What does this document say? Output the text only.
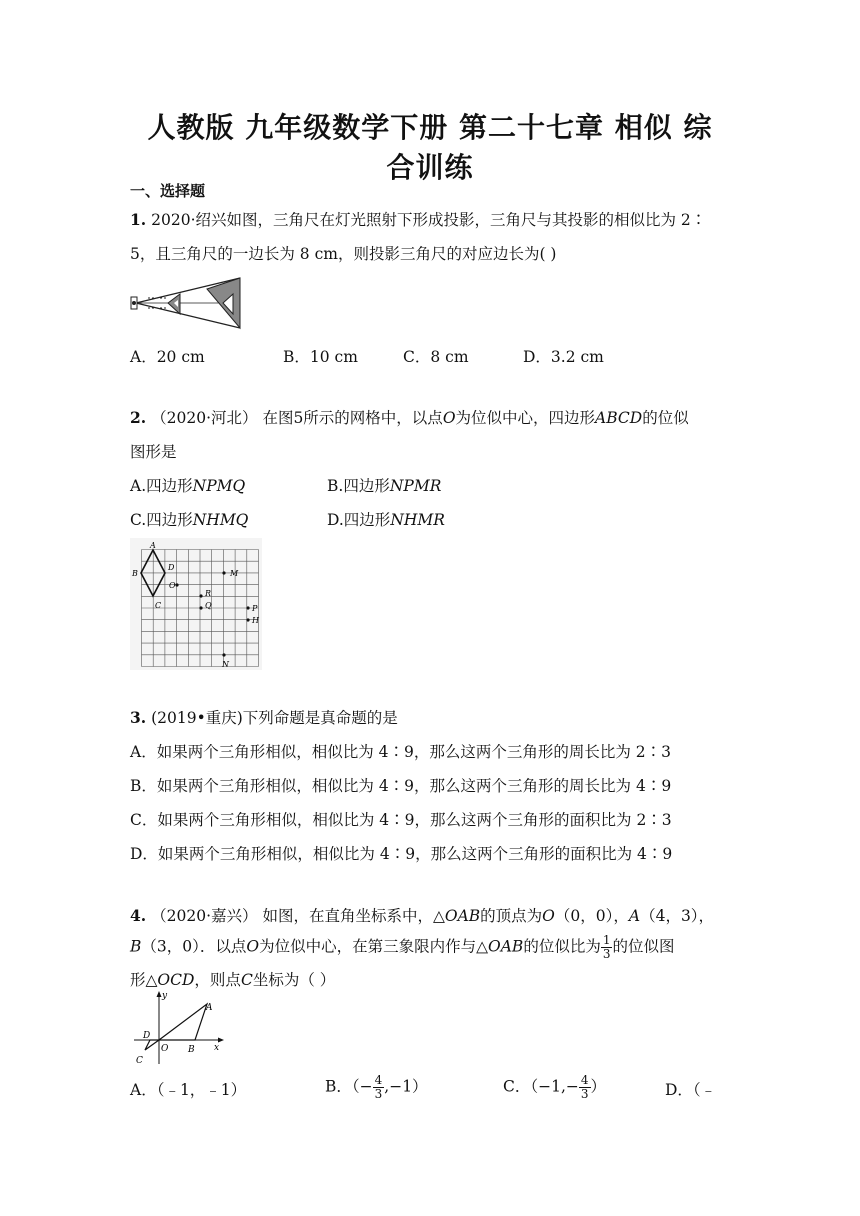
人教版 九年级数学下册 第二十七章 相似 综
合训练
一、选择题
1. 2020·绍兴如图，三角尺在灯光照射下形成投影，三角尺与其投影的相似比为 2∶
5，且三角尺的一边长为 8 cm，则投影三角尺的对应边长为( )
A．20 cm	B．10 cm	C．8 cm	D．3.2 cm
2. （2020·河北） 在图5所示的网格中，以点O为位似中心，四边形ABCD的位似
图形是
A.四边形NPMQ	B.四边形NPMR
C.四边形NHMQ	D.四边形NHMR
A
B
C
D
O
R
Q
M
P
H
N
3. (2019•重庆)下列命题是真命题的是
A．如果两个三角形相似，相似比为 4∶9，那么这两个三角形的周长比为 2∶3
B．如果两个三角形相似，相似比为 4∶9，那么这两个三角形的周长比为 4∶9
C．如果两个三角形相似，相似比为 4∶9，那么这两个三角形的面积比为 2∶3
D．如果两个三角形相似，相似比为 4∶9，那么这两个三角形的面积比为 4∶9
4. （2020·嘉兴） 如图，在直角坐标系中，△OAB的顶点为O（0，0），A（4，3），
B（3，0）．以点O为位似中心，在第三象限内作与△OAB的位似比为 $\frac{1}{3}$ 的位似图
形△OCD，则点C坐标为（ ）
y
x
A
D
O B
C
A．（﹣1，﹣1）	B．（− $\frac{4}{3} ,-1$）	C．（$-1,- \frac{4}{3}$ ）	D．（﹣
